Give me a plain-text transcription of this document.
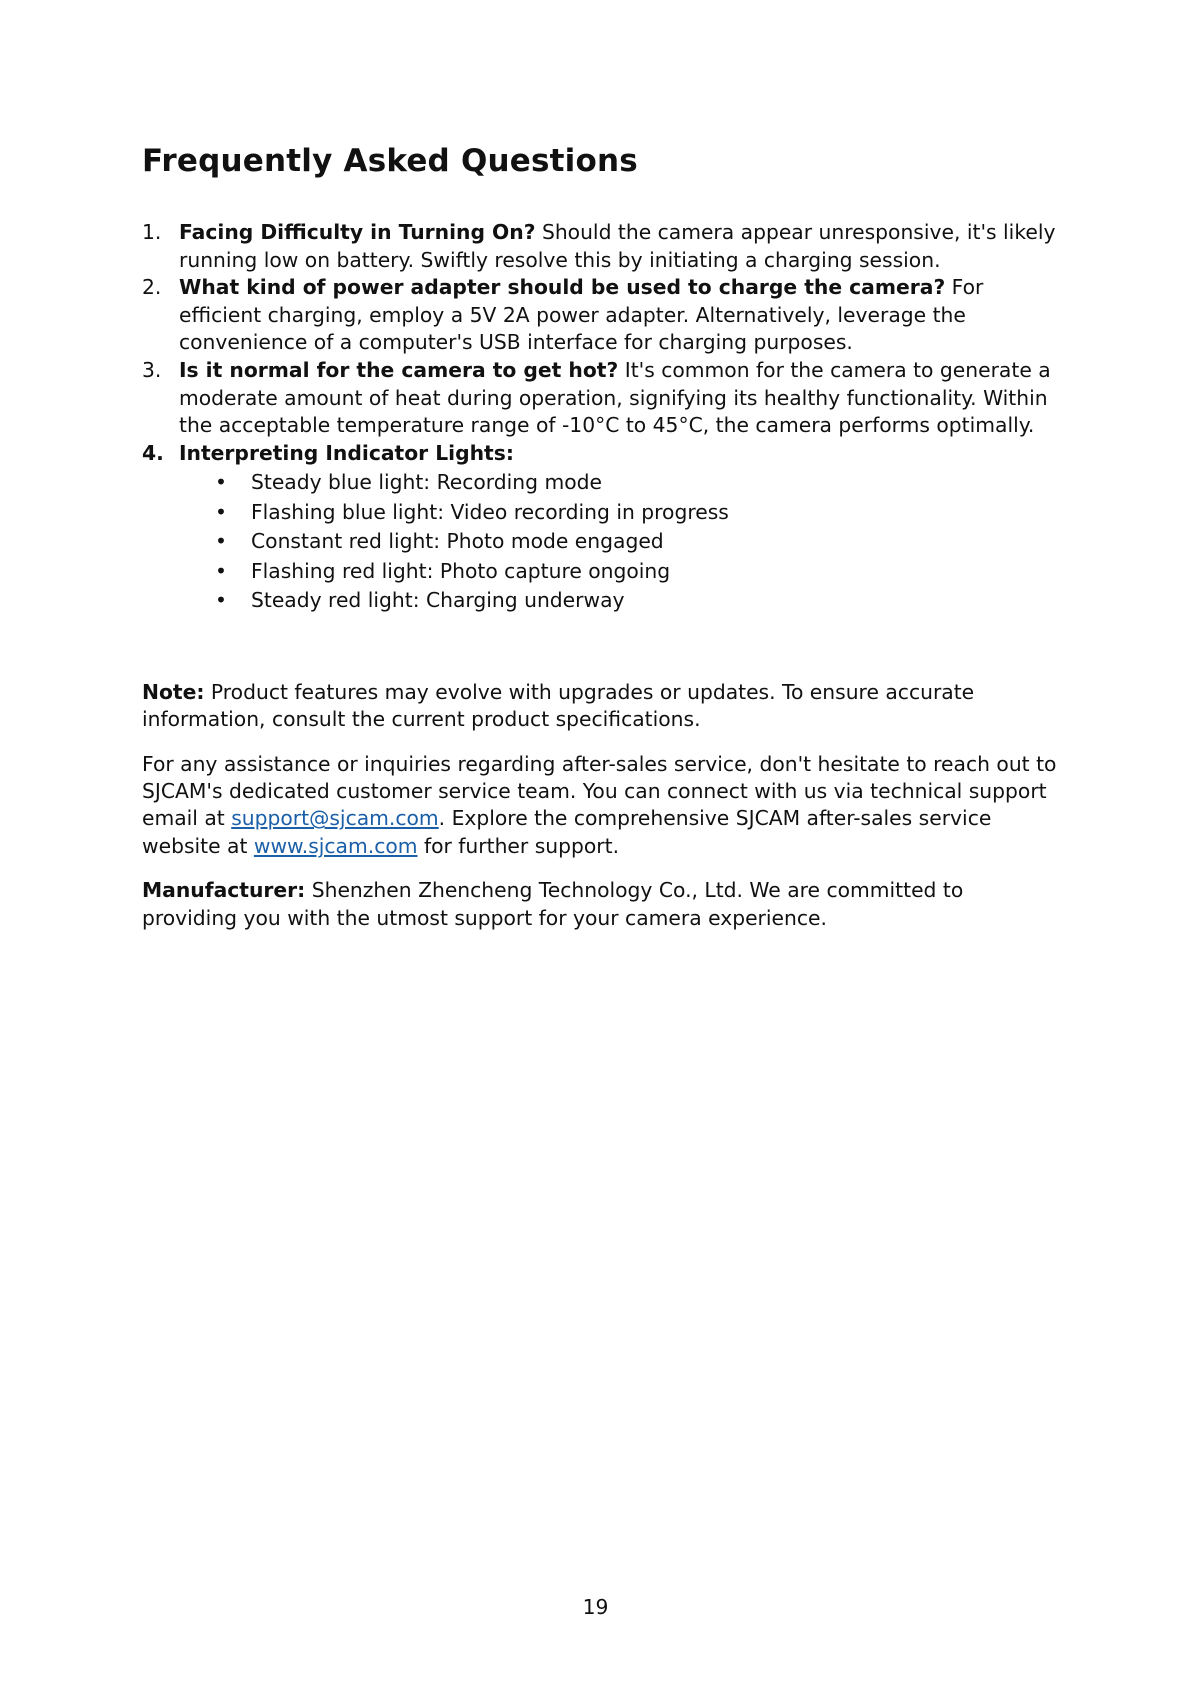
Frequently Asked Questions
1. Facing Difficulty in Turning On? Should the camera appear unresponsive, it's likely running low on battery. Swiftly resolve this by initiating a charging session.
2. What kind of power adapter should be used to charge the camera? For efficient charging, employ a 5V 2A power adapter. Alternatively, leverage the convenience of a computer's USB interface for charging purposes.
3. Is it normal for the camera to get hot? It's common for the camera to generate a moderate amount of heat during operation, signifying its healthy functionality. Within the acceptable temperature range of -10°C to 45°C, the camera performs optimally.
4. Interpreting Indicator Lights:
• Steady blue light: Recording mode
• Flashing blue light: Video recording in progress
• Constant red light: Photo mode engaged
• Flashing red light: Photo capture ongoing
• Steady red light: Charging underway

Note: Product features may evolve with upgrades or updates. To ensure accurate information, consult the current product specifications.

For any assistance or inquiries regarding after-sales service, don't hesitate to reach out to SJCAM's dedicated customer service team. You can connect with us via technical support email at support@sjcam.com. Explore the comprehensive SJCAM after-sales service website at www.sjcam.com for further support.

Manufacturer: Shenzhen Zhencheng Technology Co., Ltd. We are committed to providing you with the utmost support for your camera experience.

19
